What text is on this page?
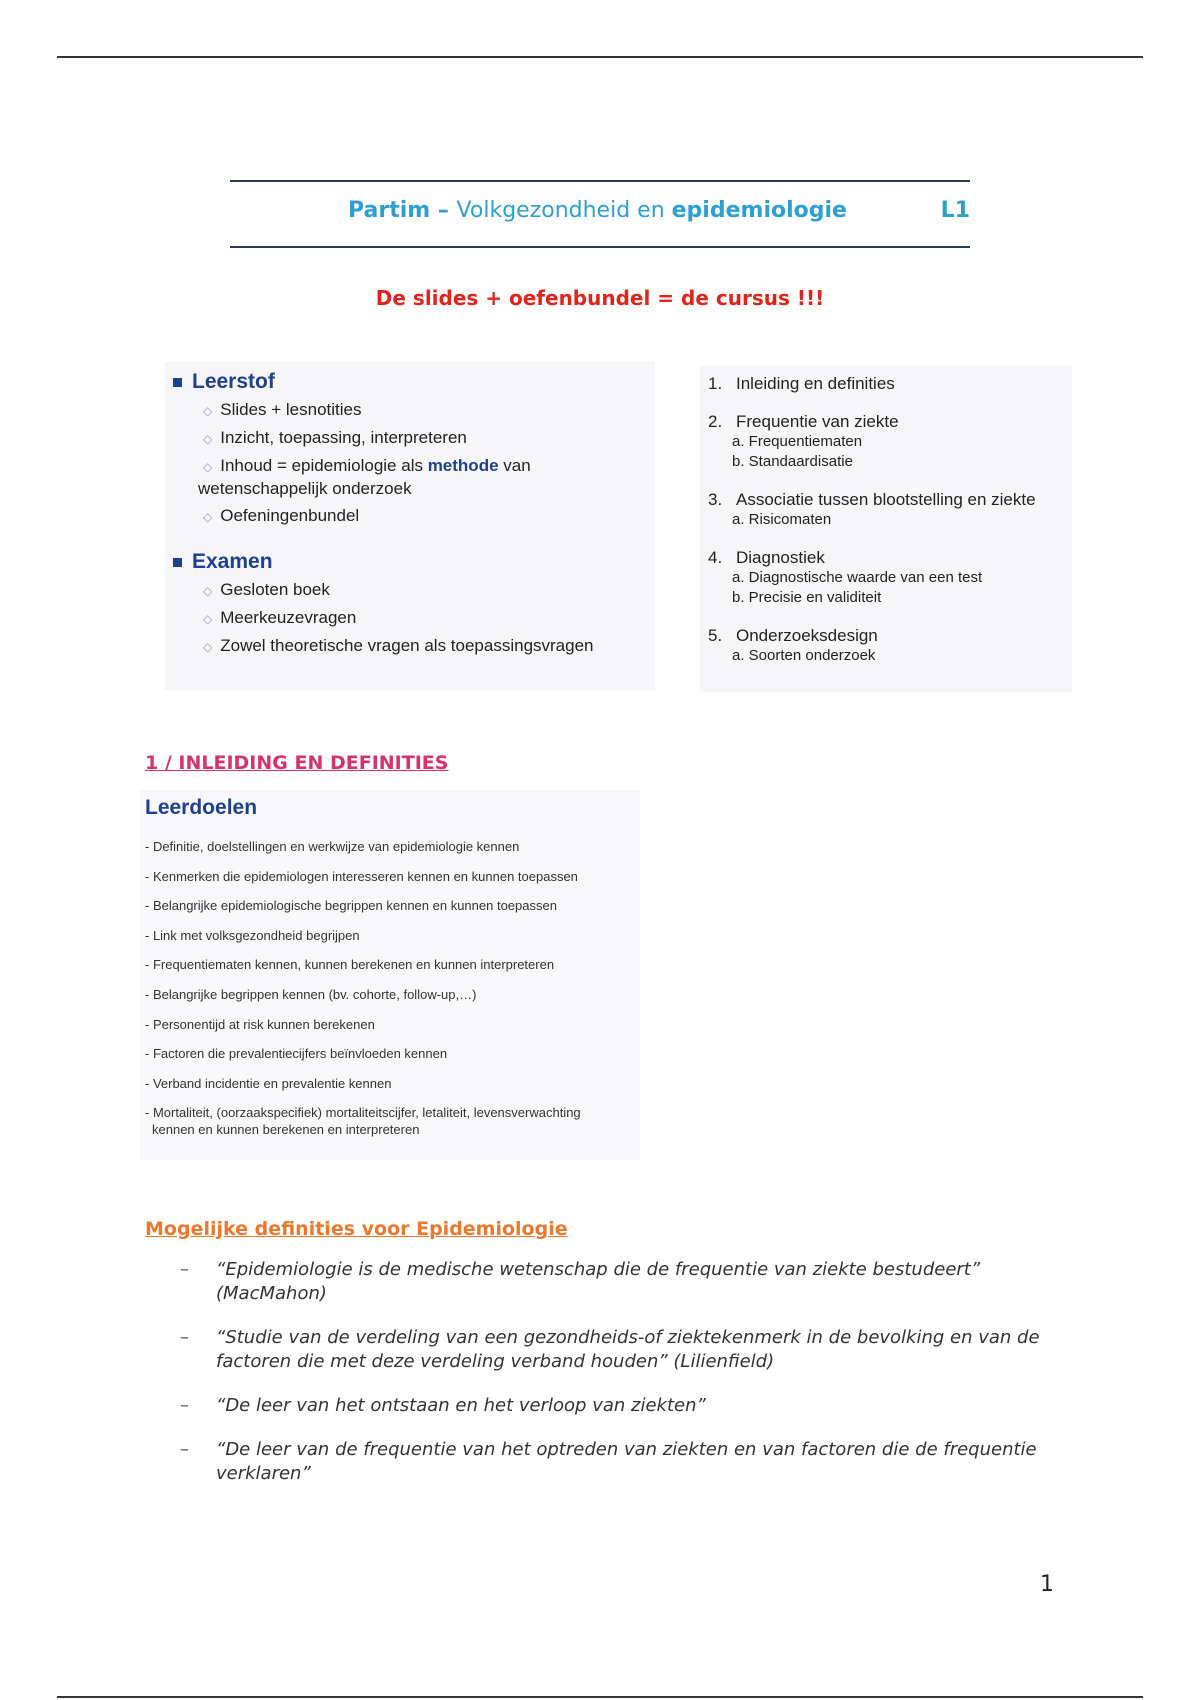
Partim – Volkgezondheid en epidemiologie	L1
De slides + oefenbundel = de cursus !!!
Leerstof
◇ Slides + lesnotities
◇ Inzicht, toepassing, interpreteren
◇ Inhoud = epidemiologie als methode van
wetenschappelijk onderzoek
◇ Oefeningenbundel
Examen
◇ Gesloten boek
◇ Meerkeuzevragen
◇ Zowel theoretische vragen als toepassingsvragen
1. Inleiding en definities
2. Frequentie van ziekte
a. Frequentiematen
b. Standaardisatie
3. Associatie tussen blootstelling en ziekte
a. Risicomaten
4. Diagnostiek
a. Diagnostische waarde van een test
b. Precisie en validiteit
5. Onderzoeksdesign
a. Soorten onderzoek
1 / INLEIDING EN DEFINITIES
Leerdoelen
- Definitie, doelstellingen en werkwijze van epidemiologie kennen
- Kenmerken die epidemiologen interesseren kennen en kunnen toepassen
- Belangrijke epidemiologische begrippen kennen en kunnen toepassen
- Link met volksgezondheid begrijpen
- Frequentiematen kennen, kunnen berekenen en kunnen interpreteren
- Belangrijke begrippen kennen (bv. cohorte, follow-up,…)
- Personentijd at risk kunnen berekenen
- Factoren die prevalentiecijfers beïnvloeden kennen
- Verband incidentie en prevalentie kennen
- Mortaliteit, (oorzaakspecifiek) mortaliteitscijfer, letaliteit, levensverwachting
kennen en kunnen berekenen en interpreteren
Mogelijke definities voor Epidemiologie
– “Epidemiologie is de medische wetenschap die de frequentie van ziekte bestudeert” (MacMahon)
– “Studie van de verdeling van een gezondheids-of ziektekenmerk in de bevolking en van de factoren die met deze verdeling verband houden” (Lilienfield)
– “De leer van het ontstaan en het verloop van ziekten”
– “De leer van de frequentie van het optreden van ziekten en van factoren die de frequentie verklaren”
1
